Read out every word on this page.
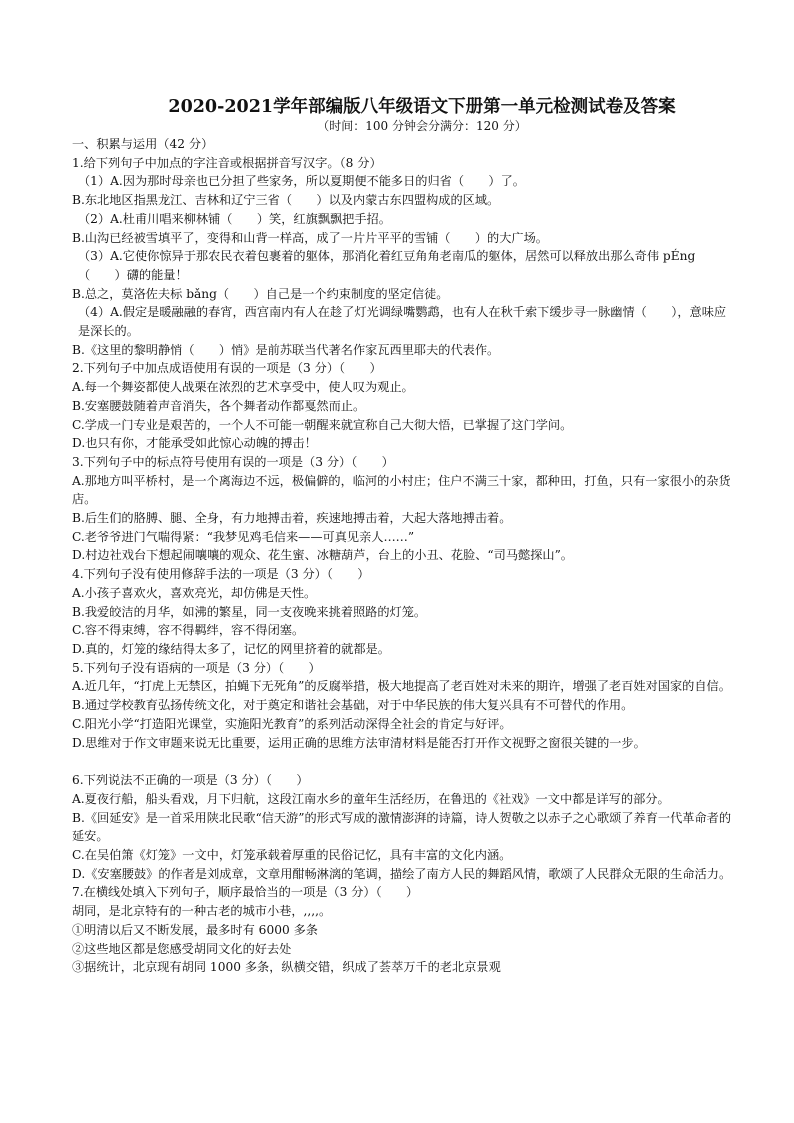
2020-2021学年部编版八年级语文下册第一单元检测试卷及答案
（时间：100 分钟会分满分：120 分）
一、积累与运用（42 分）
1.给下列句子中加点的字注音或根据拼音写汉字。（8 分）
（1）A.因为那时母亲也已分担了些家务，所以夏期便不能多日的归省（　　）了。
B.东北地区指黑龙江、吉林和辽宁三省（　　）以及内蒙古东四盟构成的区域。
（2）A.杜甫川唱来柳林铺（　　）笑，红旗飘飘把手招。
B.山沟已经被雪填平了，变得和山背一样高，成了一片片平平的雪铺（　　）的大广场。
（3）A.它使你惊异于那农民衣着包裹着的躯体，那消化着红豆角角老南瓜的躯体，居然可以释放出那么奇伟 pÉng（　　）礴的能量！
B.总之，莫洛佐夫标 bǎng（　　）自己是一个约束制度的坚定信徒。
（4）A.假定是暖融融的春宵，西宫南内有人在趁了灯光调绿嘴鹦鹉，也有人在秋千索下缓步寻一脉幽情（　　），意味应是深长的。
B.《这里的黎明静悄（　　）悄》是前苏联当代著名作家瓦西里耶夫的代表作。
2.下列句子中加点成语使用有误的一项是（3 分）（　　）
A.每一个舞姿都使人战栗在浓烈的艺术享受中，使人叹为观止。
B.安塞腰鼓随着声音消失，各个舞者动作都戛然而止。
C.学成一门专业是艰苦的，一个人不可能一朝醒来就宣称自己大彻大悟，已掌握了这门学问。
D.也只有你，才能承受如此惊心动魄的搏击！
3.下列句子中的标点符号使用有误的一项是（3 分）（　　）
A.那地方叫平桥村，是一个离海边不远，极偏僻的，临河的小村庄；住户不满三十家，都种田，打鱼，只有一家很小的杂货店。
B.后生们的胳膊、腿、全身，有力地搏击着，疾速地搏击着，大起大落地搏击着。
C.老爷爷进门气喘得紧：“我梦见鸡毛信来——可真见亲人……”
D.村边社戏台下想起闹嚷嚷的观众、花生蜜、冰糖葫芦，台上的小丑、花脸、“司马懿探山”。
4.下列句子没有使用修辞手法的一项是（3 分）（　　）
A.小孩子喜欢火，喜欢亮光，却仿佛是天性。
B.我爱皎洁的月华，如沸的繁星，同一支夜晚来挑着照路的灯笼。
C.容不得束缚，容不得羁绊，容不得闭塞。
D.真的，灯笼的缘结得太多了，记忆的网里挤着的就都是。
5.下列句子没有语病的一项是（3 分）（　　）
A.近几年，“打虎上无禁区，拍蝇下无死角”的反腐举措，极大地提高了老百姓对未来的期许，增强了老百姓对国家的自信。
B.通过学校教育弘扬传统文化，对于奠定和谐社会基础，对于中华民族的伟大复兴具有不可替代的作用。
C.阳光小学“打造阳光课堂，实施阳光教育”的系列活动深得全社会的肯定与好评。
D.思维对于作文审题来说无比重要，运用正确的思维方法审清材料是能否打开作文视野之窗很关键的一步。
6.下列说法不正确的一项是（3 分）（　　）
A.夏夜行船，船头看戏，月下归航，这段江南水乡的童年生活经历，在鲁迅的《社戏》一文中都是详写的部分。
B.《回延安》是一首采用陕北民歌“信天游”的形式写成的激情澎湃的诗篇，诗人贺敬之以赤子之心歌颂了养育一代革命者的延安。
C.在吴伯箫《灯笼》一文中，灯笼承载着厚重的民俗记忆，具有丰富的文化内涵。
D.《安塞腰鼓》的作者是刘成章，文章用酣畅淋漓的笔调，描绘了南方人民的舞蹈风情，歌颂了人民群众无限的生命活力。
7.在横线处填入下列句子，顺序最恰当的一项是（3 分）（　　）
胡同，是北京特有的一种古老的城市小巷，,,,,。
①明清以后又不断发展，最多时有 6000 多条
②这些地区都是您感受胡同文化的好去处
③据统计，北京现有胡同 1000 多条，纵横交错，织成了荟萃万千的老北京景观
